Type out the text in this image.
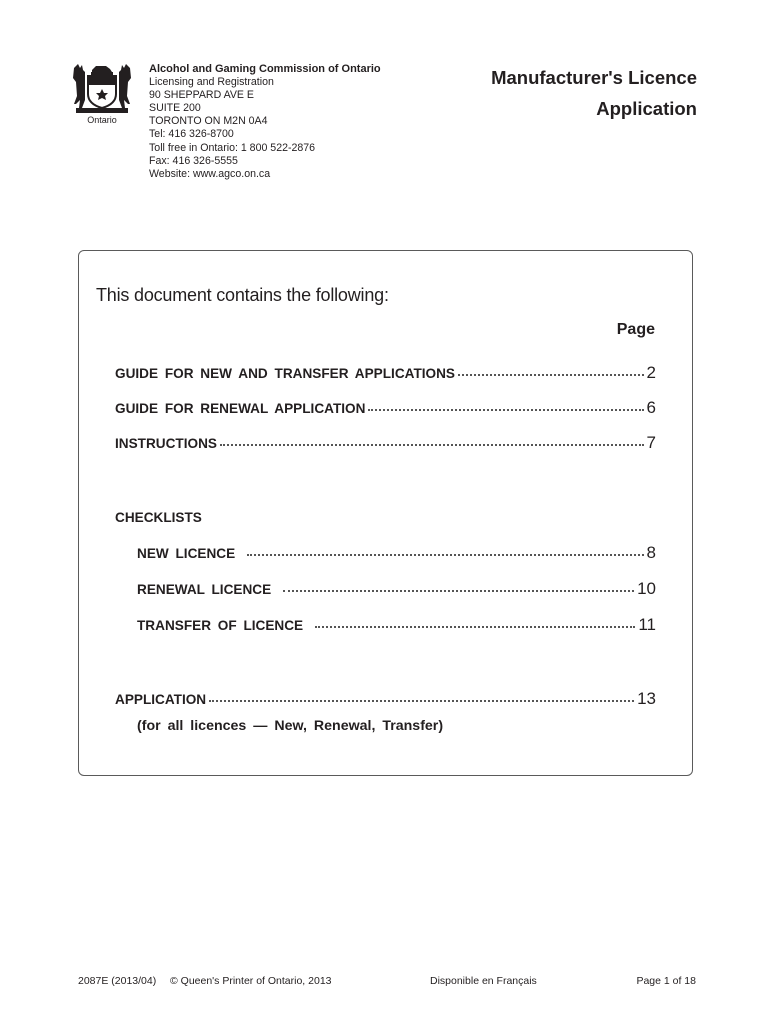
Ontario
Alcohol and Gaming Commission of Ontario
Licensing and Registration
90 SHEPPARD AVE E
SUITE 200
TORONTO ON M2N 0A4
Tel: 416 326-8700
Toll free in Ontario: 1 800 522-2876
Fax: 416 326-5555
Website: www.agco.on.ca
Manufacturer's Licence
Application
This document contains the following:
Page
GUIDE FOR NEW AND TRANSFER APPLICATIONS	2
GUIDE FOR RENEWAL APPLICATION	6
INSTRUCTIONS	7
CHECKLISTS
NEW LICENCE	8
RENEWAL LICENCE	10
TRANSFER OF LICENCE	11
APPLICATION	13
(for all licences — New, Renewal, Transfer)
2087E (2013/04) © Queen's Printer of Ontario, 2013	Disponible en Français	Page 1 of 18
